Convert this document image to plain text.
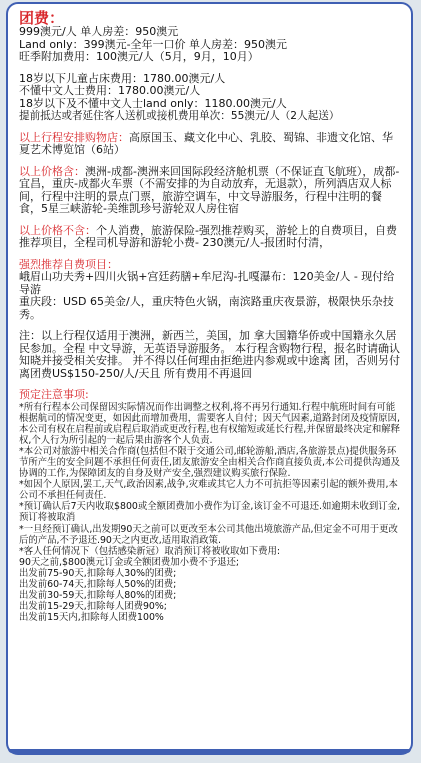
团费：
999澳元/人 单人房差：950澳元
Land only：399澳元-全年一口价 单人房差：950澳元
旺季附加费用：100澳元/人（5月，9月，10月）
18岁以下儿童占床费用：1780.00澳元/人
不懂中文人士费用：1780.00澳元/人
18岁以下及不懂中文人士land only：1180.00澳元/人
提前抵达或者延住客人送机或接机费用单次：55澳元/人（2人起送）
以上行程安排购物店：高原国玉、藏文化中心、乳胶、蜀锦、非遗文化馆、华夏艺术博览馆（6站）
以上价格含：澳洲-成都-澳洲来回国际段经济舱机票（不保证直飞航班），成都-宜昌，重庆-成都火车票（不需安排的为自动放弃，无退款），所列酒店双人标间，行程中注明的景点门票，旅游空调车，中文导游服务，行程中注明的餐食，5星三峡游轮-美维凯珍号游轮双人房住宿
以上价格不含：个人消费，旅游保险-强烈推荐购买，游轮上的自费项目，自费推荐项目，全程司机导游和游轮小费- 230澳元/人-报团时付清，
强烈推荐自费项目：
峨眉山功夫秀+四川火锅+宫廷药膳+牟尼沟-扎嘎瀑布：120美金/人 - 现付给导游
重庆段：USD 65美金/人，重庆特色火锅，南滨路重庆夜景游，极限快乐杂技秀。
注：以上行程仅适用于澳洲，新西兰，美国，加 拿大国籍华侨或中国籍永久居民参加。全程 中文导游，无英语导游服务。 本行程含购物行程，报名时请确认知晓并接受相关安排。 并不得以任何理由拒绝进内参观或中途离 团，否则另付离团费US$150-250/人/天且 所有费用不再退回
预定注意事项:
*所有行程本公司保留因实际情况而作出调整之权利,将不再另行通知.行程中航班时间有可能根据航司的情况变更，如因此而增加费用，需要客人自付；因天气因素,道路封闭及疫情原因,本公司有权在启程前或启程后取消或更改行程,也有权缩短或延长行程,并保留最终决定和解释权,个人行为所引起的一起后果由游客个人负责.
*本公司对旅游中相关合作商(包括但不限于交通公司,邮轮游船,酒店,各旅游景点)提供服务环节所产生的安全问题不承担任何责任,团友旅游安全由相关合作商直接负责,本公司提供沟通及协调的工作,为保障团友的自身及财产安全,强烈建议购买旅行保险.
*如因个人原因,罢工,天气,政治因素,战争,灾难或其它人力不可抗拒等因素引起的额外费用,本公司不承担任何责任.
*预订确认后7天内收取$800或全额团费加小费作为订金,该订金不可退还.如逾期未收到订金,预订将被取消
*一旦经预订确认,出发期90天之前可以更改至本公司其他出境旅游产品,但定金不可用于更改后的产品,不予退还.90天之内更改,适用取消政策.
*客人任何情况下（包括感染新冠）取消预订将被收取如下费用:
90天之前,$800澳元订金或全额团费加小费不予退还;
出发前75-90天,扣除每人30%的团费;
出发前60-74天,扣除每人50%的团费;
出发前30-59天,扣除每人80%的团费;
出发前15-29天,扣除每人团费90%;
出发前15天内,扣除每人团费100%
